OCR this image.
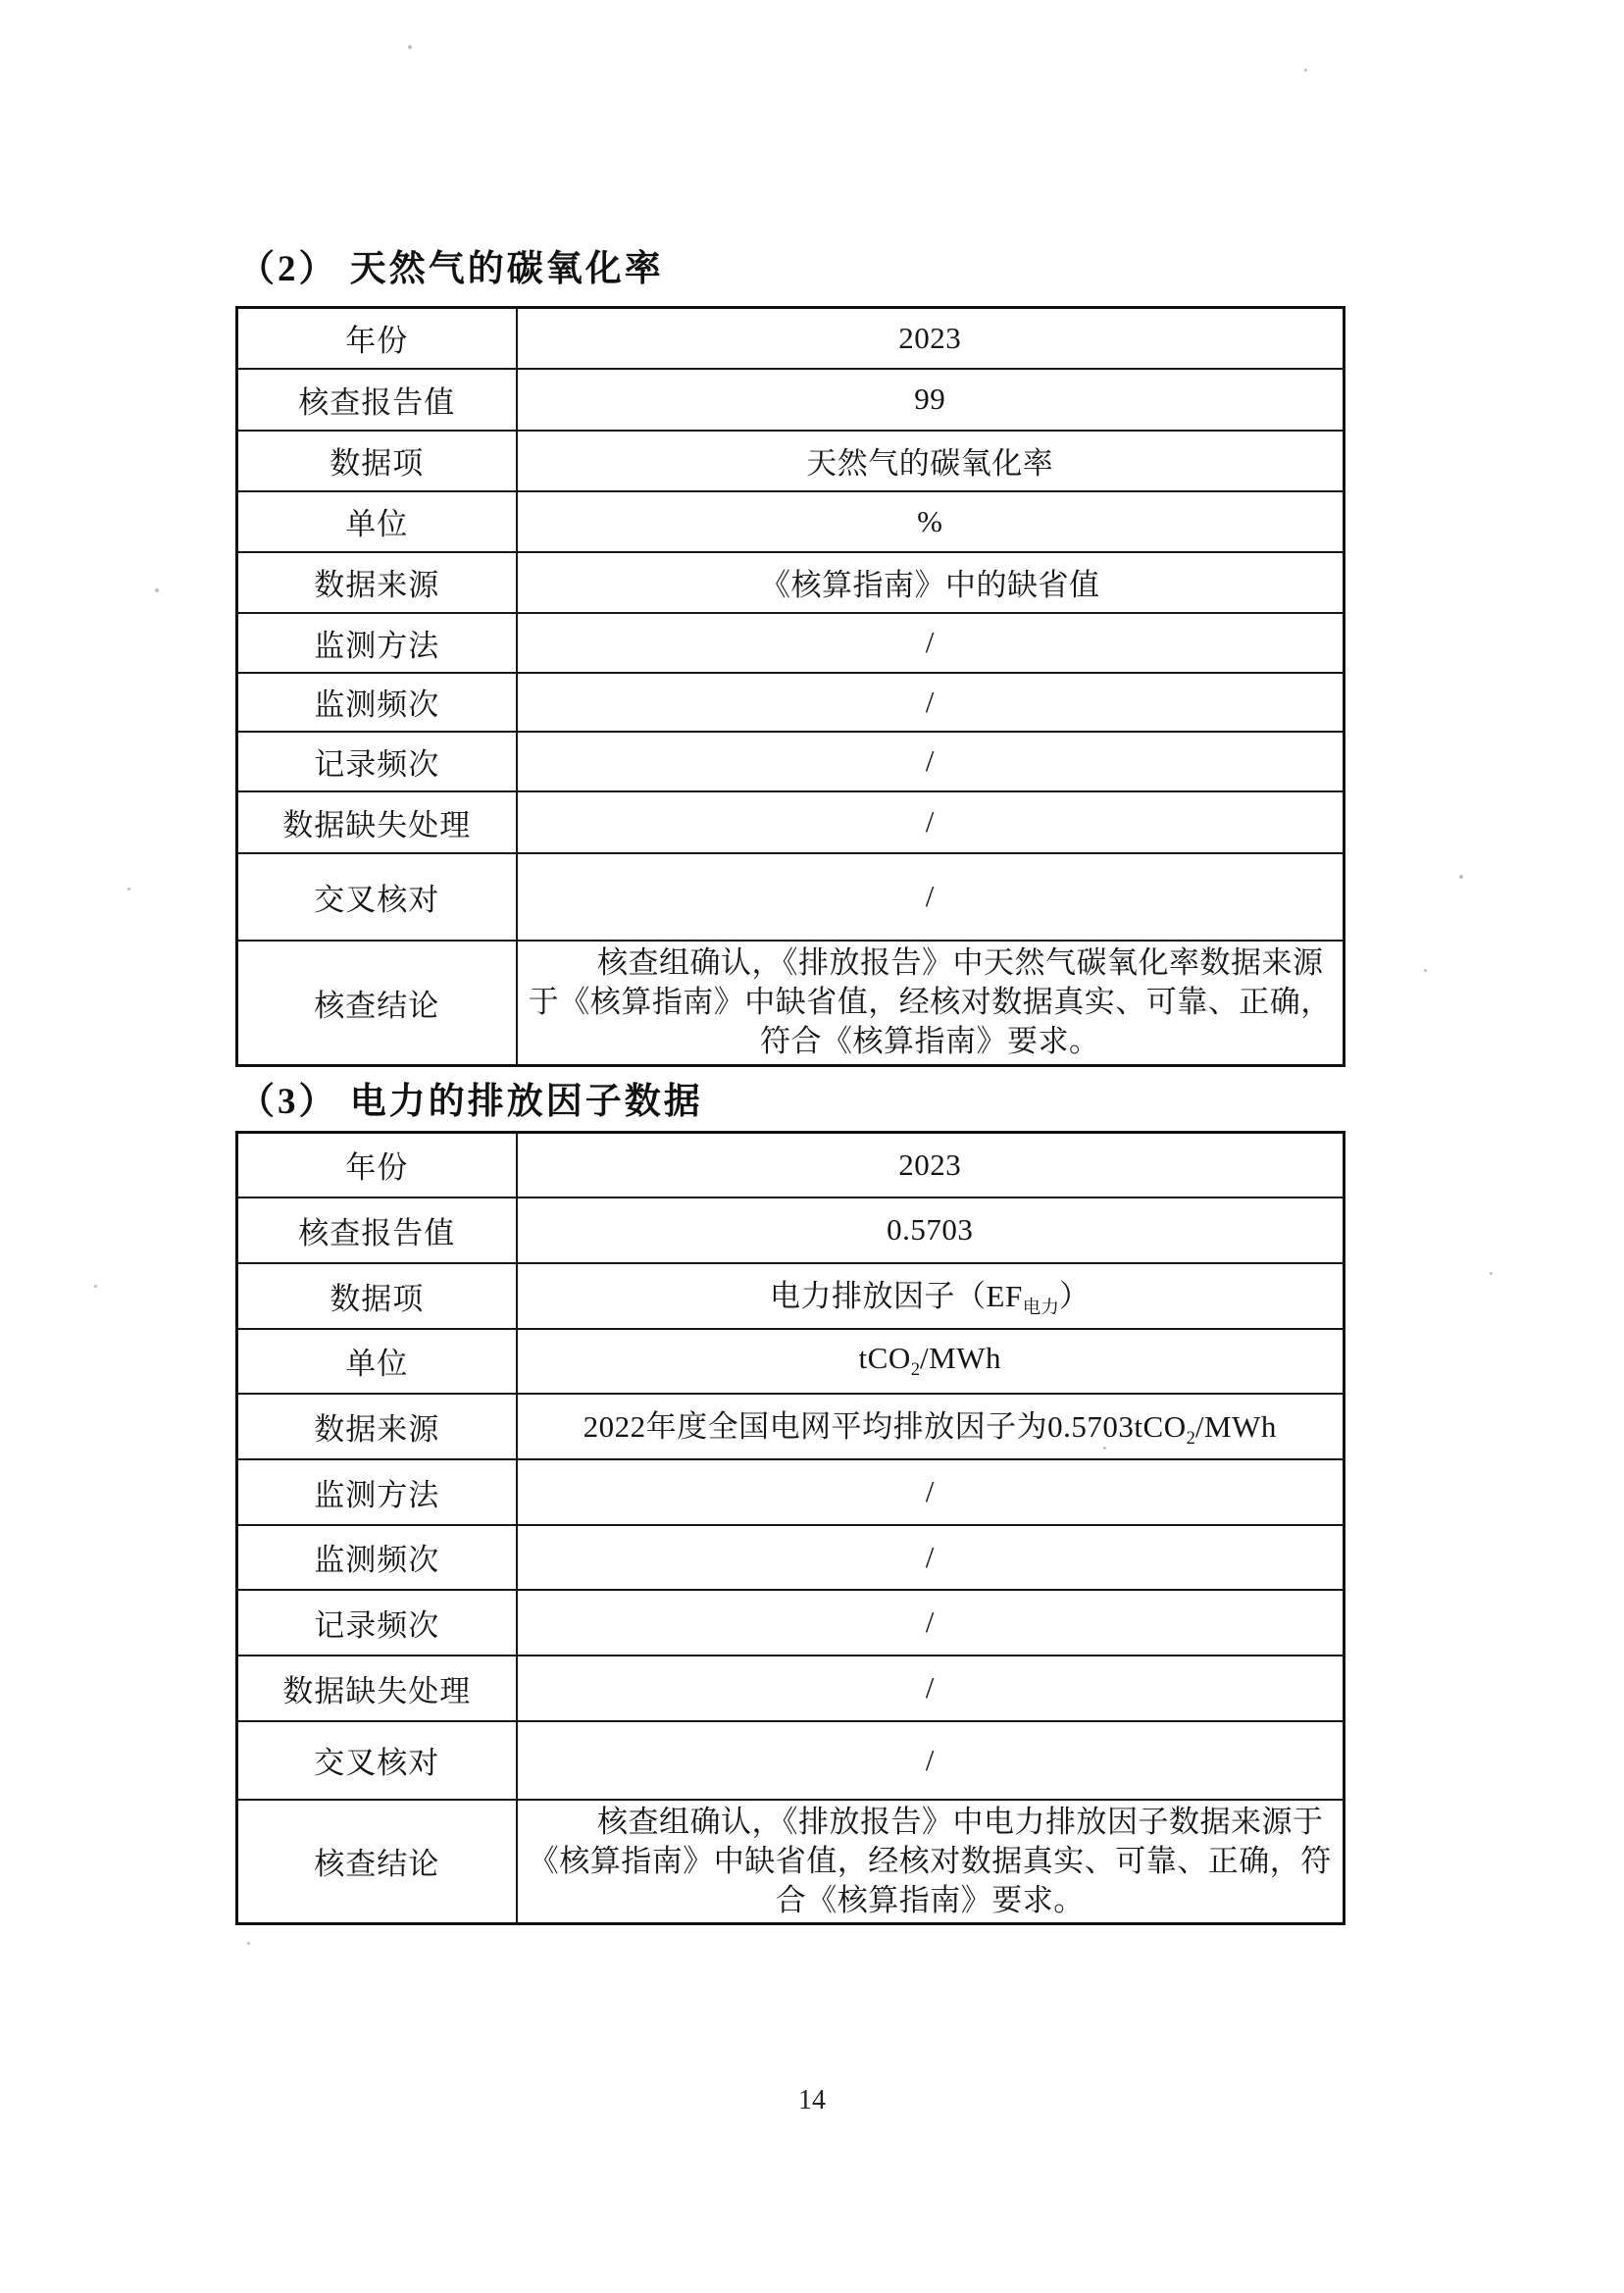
（2） 天然气的碳氧化率
年份	2023
核查报告值	99
数据项	天然气的碳氧化率
单位	%
数据来源	《核算指南》中的缺省值
监测方法	/
监测频次	/
记录频次	/
数据缺失处理	/
交叉核对	/
核查结论	核查组确认，《排放报告》中天然气碳氧化率数据来源于《核算指南》中缺省值，经核对数据真实、可靠、正确，符合《核算指南》要求。
（3） 电力的排放因子数据
年份	2023
核查报告值	0.5703
数据项	电力排放因子$(EF_{电力})$
单位	tCO$_2$/MWh
数据来源	2022年度全国电网平均排放因子为0.5703tCO$_2$/MWh
监测方法	/
监测频次	/
记录频次	/
数据缺失处理	/
交叉核对	/
核查结论	核查组确认，《排放报告》中电力排放因子数据来源于《核算指南》中缺省值，经核对数据真实、可靠、正确，符合《核算指南》要求。
14
